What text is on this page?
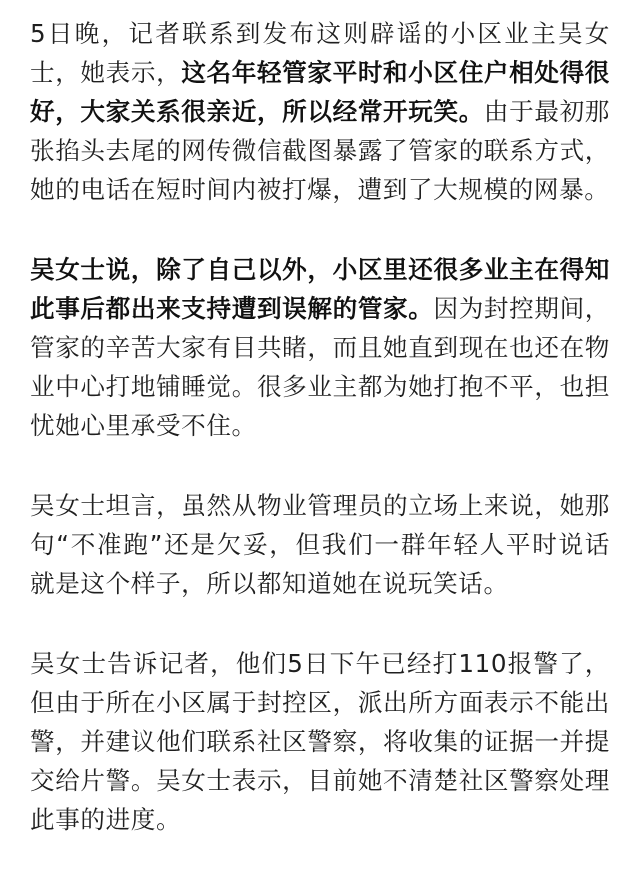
5日晚，记者联系到发布这则辟谣的小区业主吴女士，她表示，这名年轻管家平时和小区住户相处得很好，大家关系很亲近，所以经常开玩笑。由于最初那张掐头去尾的网传微信截图暴露了管家的联系方式，她的电话在短时间内被打爆，遭到了大规模的网暴。

吴女士说，除了自己以外，小区里还很多业主在得知此事后都出来支持遭到误解的管家。因为封控期间，管家的辛苦大家有目共睹，而且她直到现在也还在物业中心打地铺睡觉。很多业主都为她打抱不平，也担忧她心里承受不住。

吴女士坦言，虽然从物业管理员的立场上来说，她那句“不准跑”还是欠妥，但我们一群年轻人平时说话就是这个样子，所以都知道她在说玩笑话。

吴女士告诉记者，他们5日下午已经打110报警了，但由于所在小区属于封控区，派出所方面表示不能出警，并建议他们联系社区警察，将收集的证据一并提交给片警。吴女士表示，目前她不清楚社区警察处理此事的进度。
